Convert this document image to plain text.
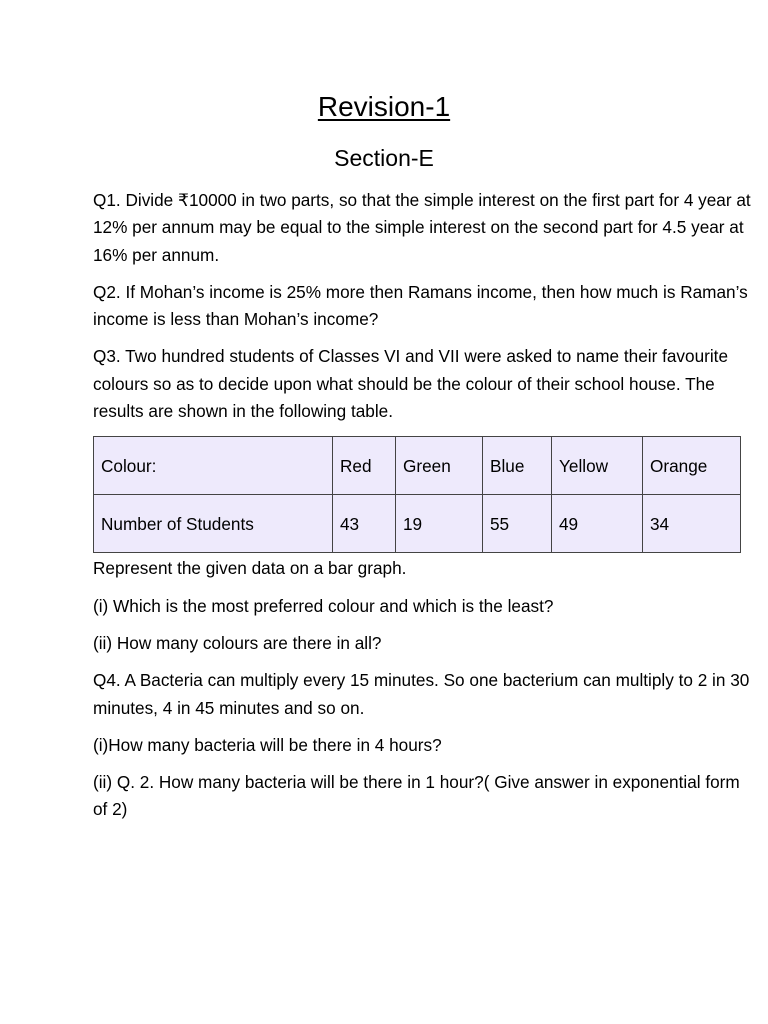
Revision-1
Section-E

Q1. Divide ₹10000 in two parts, so that the simple interest on the first part for 4 year at 12% per annum may be equal to the simple interest on the second part for 4.5 year at 16% per annum.

Q2. If Mohan’s income is 25% more then Ramans income, then how much is Raman’s income is less than Mohan’s income?

Q3. Two hundred students of Classes VI and VII were asked to name their favourite colours so as to decide upon what should be the colour of their school house. The results are shown in the following table.

Colour:	Red	Green	Blue	Yellow	Orange
Number of Students	43	19	55	49	34

Represent the given data on a bar graph.

(i) Which is the most preferred colour and which is the least?

(ii) How many colours are there in all?

Q4. A Bacteria can multiply every 15 minutes. So one bacterium can multiply to 2 in 30 minutes, 4 in 45 minutes and so on.

(i)How many bacteria will be there in 4 hours?

(ii) Q. 2. How many bacteria will be there in 1 hour?( Give answer in exponential form of 2)
